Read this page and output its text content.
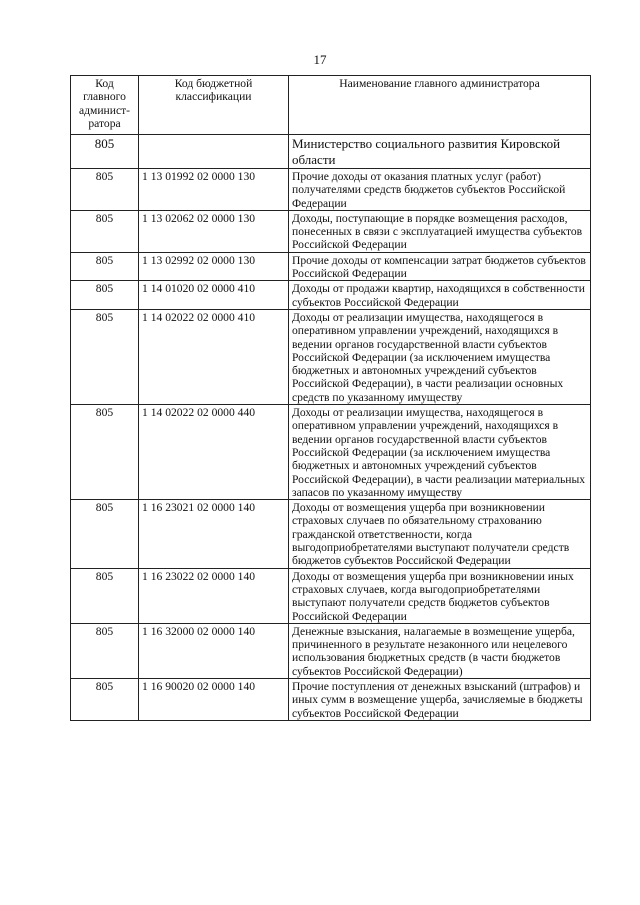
17
Код главного админист-ратора	Код бюджетной классификации	Наименование главного администратора
805		Министерство социального развития Кировской области
805	1 13 01992 02 0000 130	Прочие доходы от оказания платных услуг (работ) получателями средств бюджетов субъектов Российской Федерации
805	1 13 02062 02 0000 130	Доходы, поступающие в порядке возмещения расходов, понесенных в связи с эксплуатацией имущества субъектов Российской Федерации
805	1 13 02992 02 0000 130	Прочие доходы от компенсации затрат бюджетов субъектов Российской Федерации
805	1 14 01020 02 0000 410	Доходы от продажи квартир, находящихся в собственности субъектов Российской Федерации
805	1 14 02022 02 0000 410	Доходы от реализации имущества, находящегося в оперативном управлении учреждений, находящихся в ведении органов государственной власти субъектов Российской Федерации (за исключением имущества бюджетных и автономных учреждений субъектов Российской Федерации), в части реализации основных средств по указанному имуществу
805	1 14 02022 02 0000 440	Доходы от реализации имущества, находящегося в оперативном управлении учреждений, находящихся в ведении органов государственной власти субъектов Российской Федерации (за исключением имущества бюджетных и автономных учреждений субъектов Российской Федерации), в части реализации материальных запасов по указанному имуществу
805	1 16 23021 02 0000 140	Доходы от возмещения ущерба при возникновении страховых случаев по обязательному страхованию гражданской ответственности, когда выгодоприобретателями выступают получатели средств бюджетов субъектов Российской Федерации
805	1 16 23022 02 0000 140	Доходы от возмещения ущерба при возникновении иных страховых случаев, когда выгодоприобретателями выступают получатели средств бюджетов субъектов Российской Федерации
805	1 16 32000 02 0000 140	Денежные взыскания, налагаемые в возмещение ущерба, причиненного в результате незаконного или нецелевого использования бюджетных средств (в части бюджетов субъектов Российской Федерации)
805	1 16 90020 02 0000 140	Прочие поступления от денежных взысканий (штрафов) и иных сумм в возмещение ущерба, зачисляемые в бюджеты субъектов Российской Федерации
